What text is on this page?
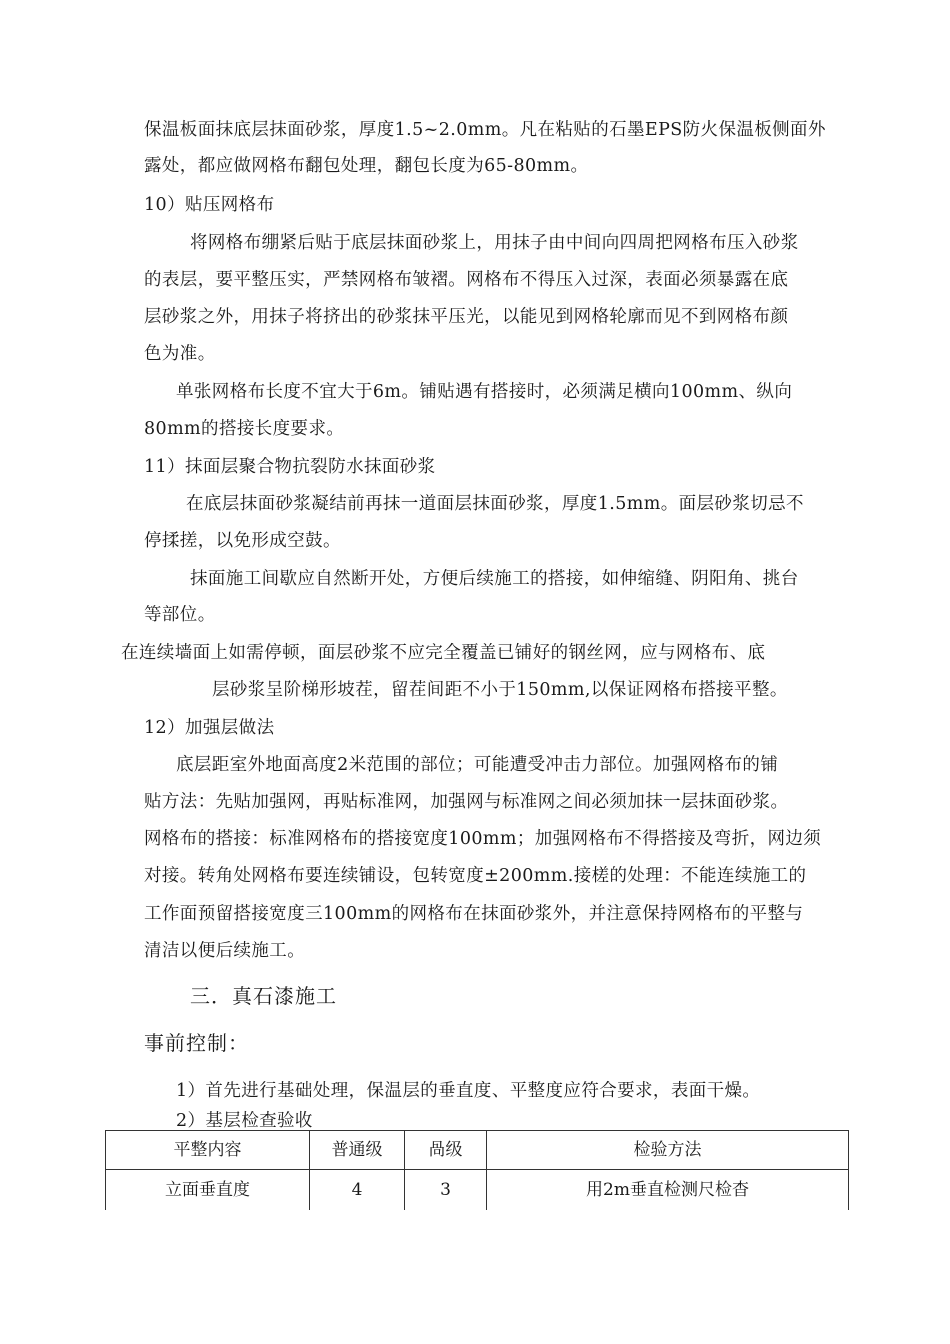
保温板面抹底层抹面砂浆，厚度1.5~2.0mm。凡在粘贴的石墨EPS防火保温板侧面外
露处，都应做网格布翻包处理，翻包长度为65-80mm。
10）贴压网格布
将网格布绷紧后贴于底层抹面砂浆上，用抹子由中间向四周把网格布压入砂浆
的表层，要平整压实，严禁网格布皱褶。网格布不得压入过深，表面必须暴露在底
层砂浆之外，用抹子将挤出的砂浆抹平压光，以能见到网格轮廓而见不到网格布颜
色为准。
单张网格布长度不宜大于6m。铺贴遇有搭接时，必须满足横向100mm、纵向
80mm的搭接长度要求。
11）抹面层聚合物抗裂防水抹面砂浆
在底层抹面砂浆凝结前再抹一道面层抹面砂浆，厚度1.5mm。面层砂浆切忌不
停揉搓，以免形成空鼓。
抹面施工间歇应自然断开处，方便后续施工的搭接，如伸缩缝、阴阳角、挑台
等部位。
在连续墙面上如需停顿，面层砂浆不应完全覆盖已铺好的钢丝网，应与网格布、底
层砂浆呈阶梯形坡茬，留茬间距不小于150mm,以保证网格布搭接平整。
12）加强层做法
底层距室外地面高度2米范围的部位；可能遭受冲击力部位。加强网格布的铺
贴方法：先贴加强网，再贴标准网，加强网与标准网之间必须加抹一层抹面砂浆。
网格布的搭接：标准网格布的搭接宽度100mm；加强网格布不得搭接及弯折，网边须
对接。转角处网格布要连续铺设，包转宽度±200mm.接槎的处理：不能连续施工的
工作面预留搭接宽度三100mm的网格布在抹面砂浆外，并注意保持网格布的平整与
清洁以便后续施工。
三．真石漆施工
事前控制：
1）首先进行基础处理，保温层的垂直度、平整度应符合要求，表面干燥。
2）基层检查验收
平整内容	普通级	咼级	检验方法
立面垂直度	4	3	用2m垂直检测尺检杳
